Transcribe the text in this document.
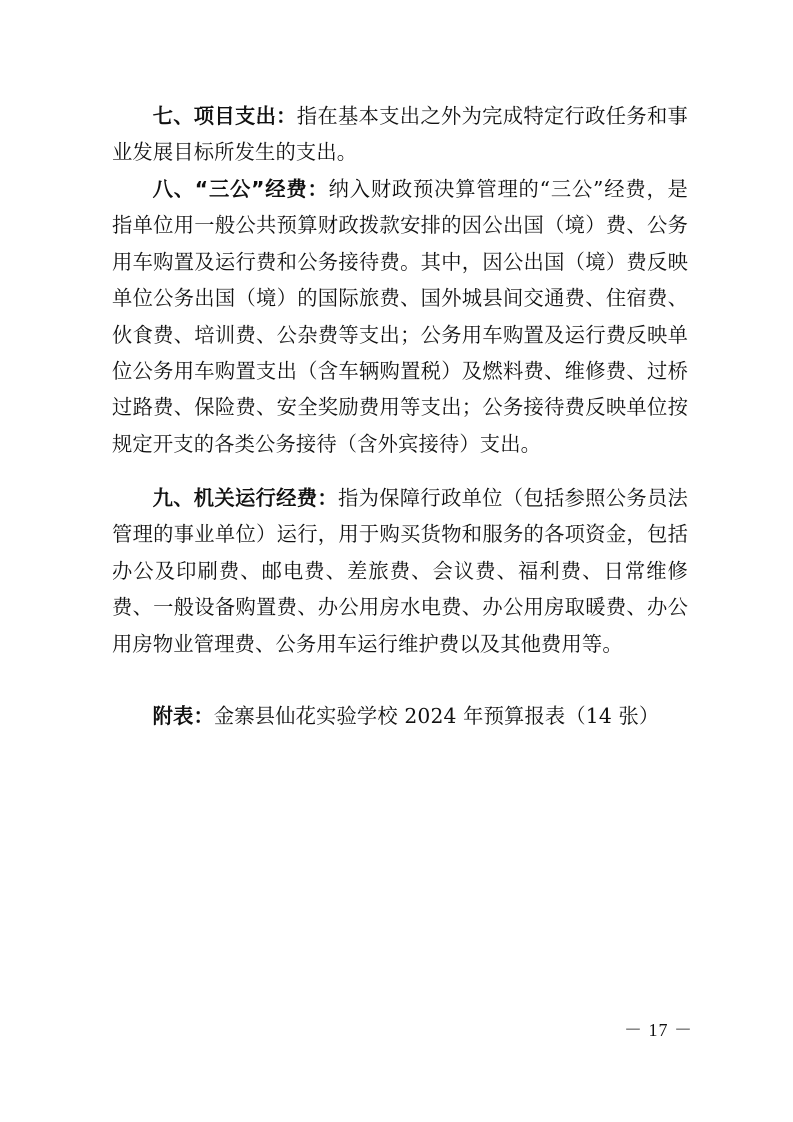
七、项目支出：指在基本支出之外为完成特定行政任务和事业发展目标所发生的支出。

八、“三公”经费：纳入财政预决算管理的“三公”经费，是指单位用一般公共预算财政拨款安排的因公出国（境）费、公务用车购置及运行费和公务接待费。其中，因公出国（境）费反映单位公务出国（境）的国际旅费、国外城县间交通费、住宿费、伙食费、培训费、公杂费等支出；公务用车购置及运行费反映单位公务用车购置支出（含车辆购置税）及燃料费、维修费、过桥过路费、保险费、安全奖励费用等支出；公务接待费反映单位按规定开支的各类公务接待（含外宾接待）支出。

九、机关运行经费：指为保障行政单位（包括参照公务员法管理的事业单位）运行，用于购买货物和服务的各项资金，包括办公及印刷费、邮电费、差旅费、会议费、福利费、日常维修费、一般设备购置费、办公用房水电费、办公用房取暖费、办公用房物业管理费、公务用车运行维护费以及其他费用等。

附表：金寨县仙花实验学校 2024 年预算报表（14 张）

－ 17 －
